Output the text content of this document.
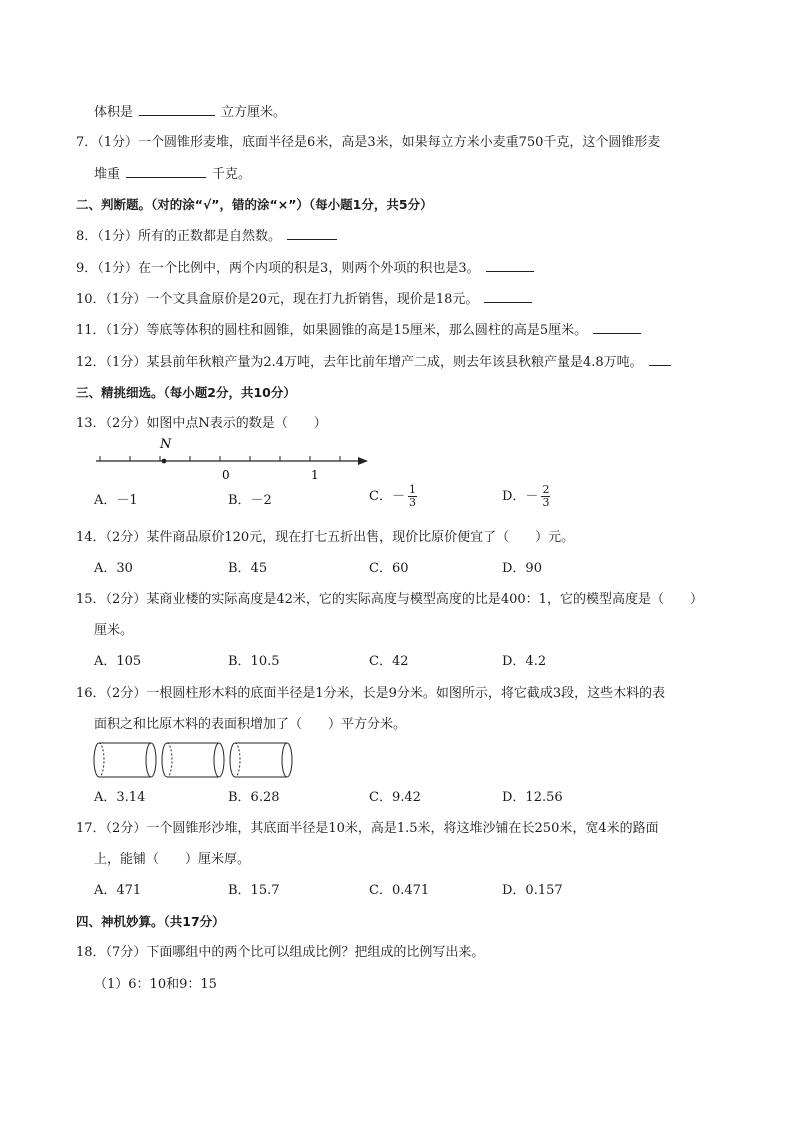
体积是	立方厘米。
7．（1分）一个圆锥形麦堆，底面半径是6米，高是3米，如果每立方米小麦重750千克，这个圆锥形麦
堆重	千克。
二、判断题。（对的涂“√”，错的涂“×”）（每小题1分，共5分）
8．（1分）所有的正数都是自然数。
9．（1分）在一个比例中，两个内项的积是3，则两个外项的积也是3。
10．（1分）一个文具盒原价是20元，现在打九折销售，现价是18元。
11．（1分）等底等体积的圆柱和圆锥，如果圆锥的高是15厘米，那么圆柱的高是5厘米。
12．（1分）某县前年秋粮产量为2.4万吨，去年比前年增产二成，则去年该县秋粮产量是4.8万吨。
三、精挑细选。（每小题2分，共10分）
13．（2分）如图中点N表示的数是（　　）
N
0	1
A．－1	B．－2	C．－ $\frac{1}{3}$	D．－ $\frac{2}{3}$
14．（2分）某件商品原价120元，现在打七五折出售，现价比原价便宜了（　　）元。
A．30	B．45	C．60	D．90
15．（2分）某商业楼的实际高度是42米，它的实际高度与模型高度的比是400：1，它的模型高度是（　　）
厘米。
A．105	B．10.5	C．42	D．4.2
16．（2分）一根圆柱形木料的底面半径是1分米，长是9分米。如图所示，将它截成3段，这些木料的表
面积之和比原木料的表面积增加了（　　）平方分米。
A．3.14	B．6.28	C．9.42	D．12.56
17．（2分）一个圆锥形沙堆，其底面半径是10米，高是1.5米，将这堆沙铺在长250米，宽4米的路面
上，能铺（　　）厘米厚。
A．471	B．15.7	C．0.471	D．0.157
四、神机妙算。（共17分）
18．（7分）下面哪组中的两个比可以组成比例？把组成的比例写出来。
（1）6：10和9：15
